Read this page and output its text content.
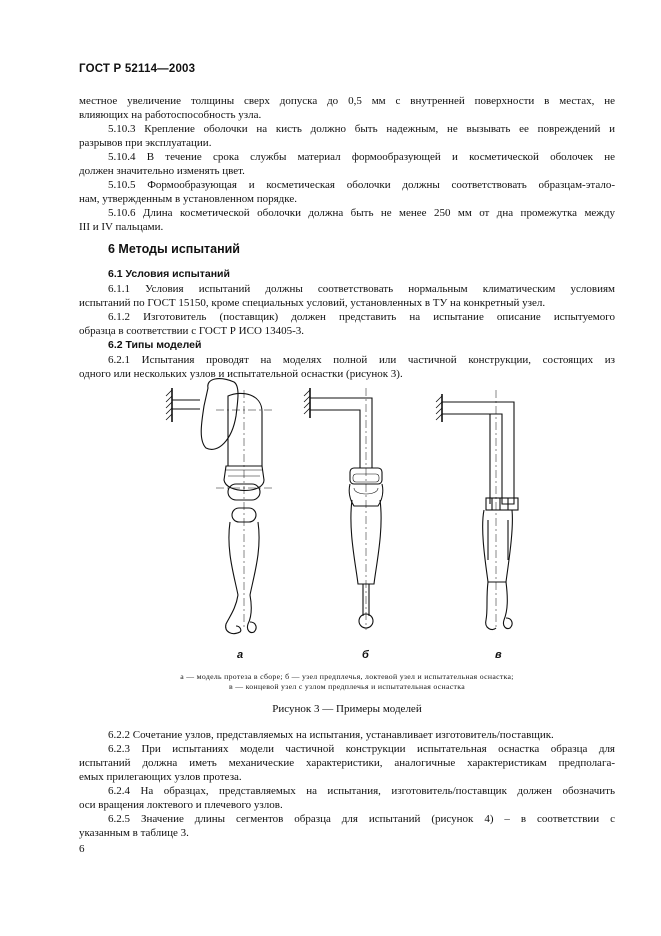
ГОСТ Р 52114—2003

местное увеличение толщины сверх допуска до 0,5 мм с внутренней поверхности в местах, не

влияющих на работоспособность узла.

5.10.3 Крепление оболочки на кисть должно быть надежным, не вызывать ее повреждений и

разрывов при эксплуатации.

5.10.4 В течение срока службы материал формообразующей и косметической оболочек не

должен значительно изменять цвет.

5.10.5 Формообразующая и косметическая оболочки должны соответствовать образцам-этало-

нам, утвержденным в установленном порядке.

5.10.6 Длина косметической оболочки должна быть не менее 250 мм от дна промежутка между

III и IV пальцами.

6 Методы испытаний
6.1 Условия испытаний

6.1.1 Условия испытаний должны соответствовать нормальным климатическим условиям

испытаний по ГОСТ 15150, кроме специальных условий, установленных в ТУ на конкретный узел.

6.1.2 Изготовитель (поставщик) должен представить на испытание описание испытуемого

образца в соответствии с ГОСТ Р ИСО 13405-3.

6.2 Типы моделей

6.2.1 Испытания проводят на моделях полной или частичной конструкции, состоящих из

одного или нескольких узлов и испытательной оснастки (рисунок 3).

а	б	в
а — модель протеза в сборе; б — узел предплечья, локтевой узел и испытательная оснастка;
в — концевой узел с узлом предплечья и испытательная оснастка
Рисунок 3 — Примеры моделей

6.2.2 Сочетание узлов, представляемых на испытания, устанавливает изготовитель/поставщик.

6.2.3 При испытаниях модели частичной конструкции испытательная оснастка образца для

испытаний должна иметь механические характеристики, аналогичные характеристикам предполага-

емых прилегающих узлов протеза.

6.2.4 На образцах, представляемых на испытания, изготовитель/поставщик должен обозначить

оси вращения локтевого и плечевого узлов.

6.2.5 Значение длины сегментов образца для испытаний (рисунок 4) – в соответствии с

указанным в таблице 3.

6
